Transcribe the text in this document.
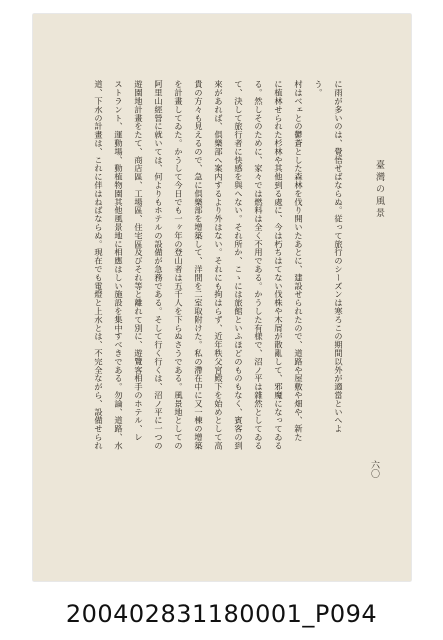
臺灣の風景
六〇
に雨が多いのは、覺悟せばならぬ。従って旅行のシーズンは寒ろこの期間以外が適當といへよ
う。
村はべェとの鬱蒼とした森林を伐り開いたあとに、建設せられたので、道路や屋敷や畑や、新た
に植林せられた杉林や其他到る處に、今は朽ちはてない伐株や木屑が散亂して、邪魔になってゐる
る。然しそのために、家々では燃料は全く不用である。かうした有様で、沼ノ平は雜然としてゐる
て、決して旅行者に快感を與へない。それ所か、こゝには旅館といふほどのものもなく、賓客の到
來があれば、倶樂部へ案内するより外はない。それにも拘はらず、近年秩父宮殿下を始めとして高
貴の方々も見えるので、急に倶樂部を增築して、洋間を二室取附けた。私の滯在中に又一棟の增築
を計畫してゐた。かうして今日でも一ヶ年の登山者は五千人を下らぬさうである。風景地としての
阿里山經營に就いては、何よりもホテルの設備が急務である。そして行く行くは、沼ノ平に一つの
遊園地計畫をたて、商店區、工場區、住宅區及びそれ等と離れて別に、遊覽客相手のホテル、レ
ストラント、運動場、動植物園其他風景地に相應はしい施設を集中すべきである。勿論、道路、水
道、下水の計畫は、これに伴はねばならぬ。現在でも電燈と上水とは、不完全ながら、設備せられ
200402831180001_P094
